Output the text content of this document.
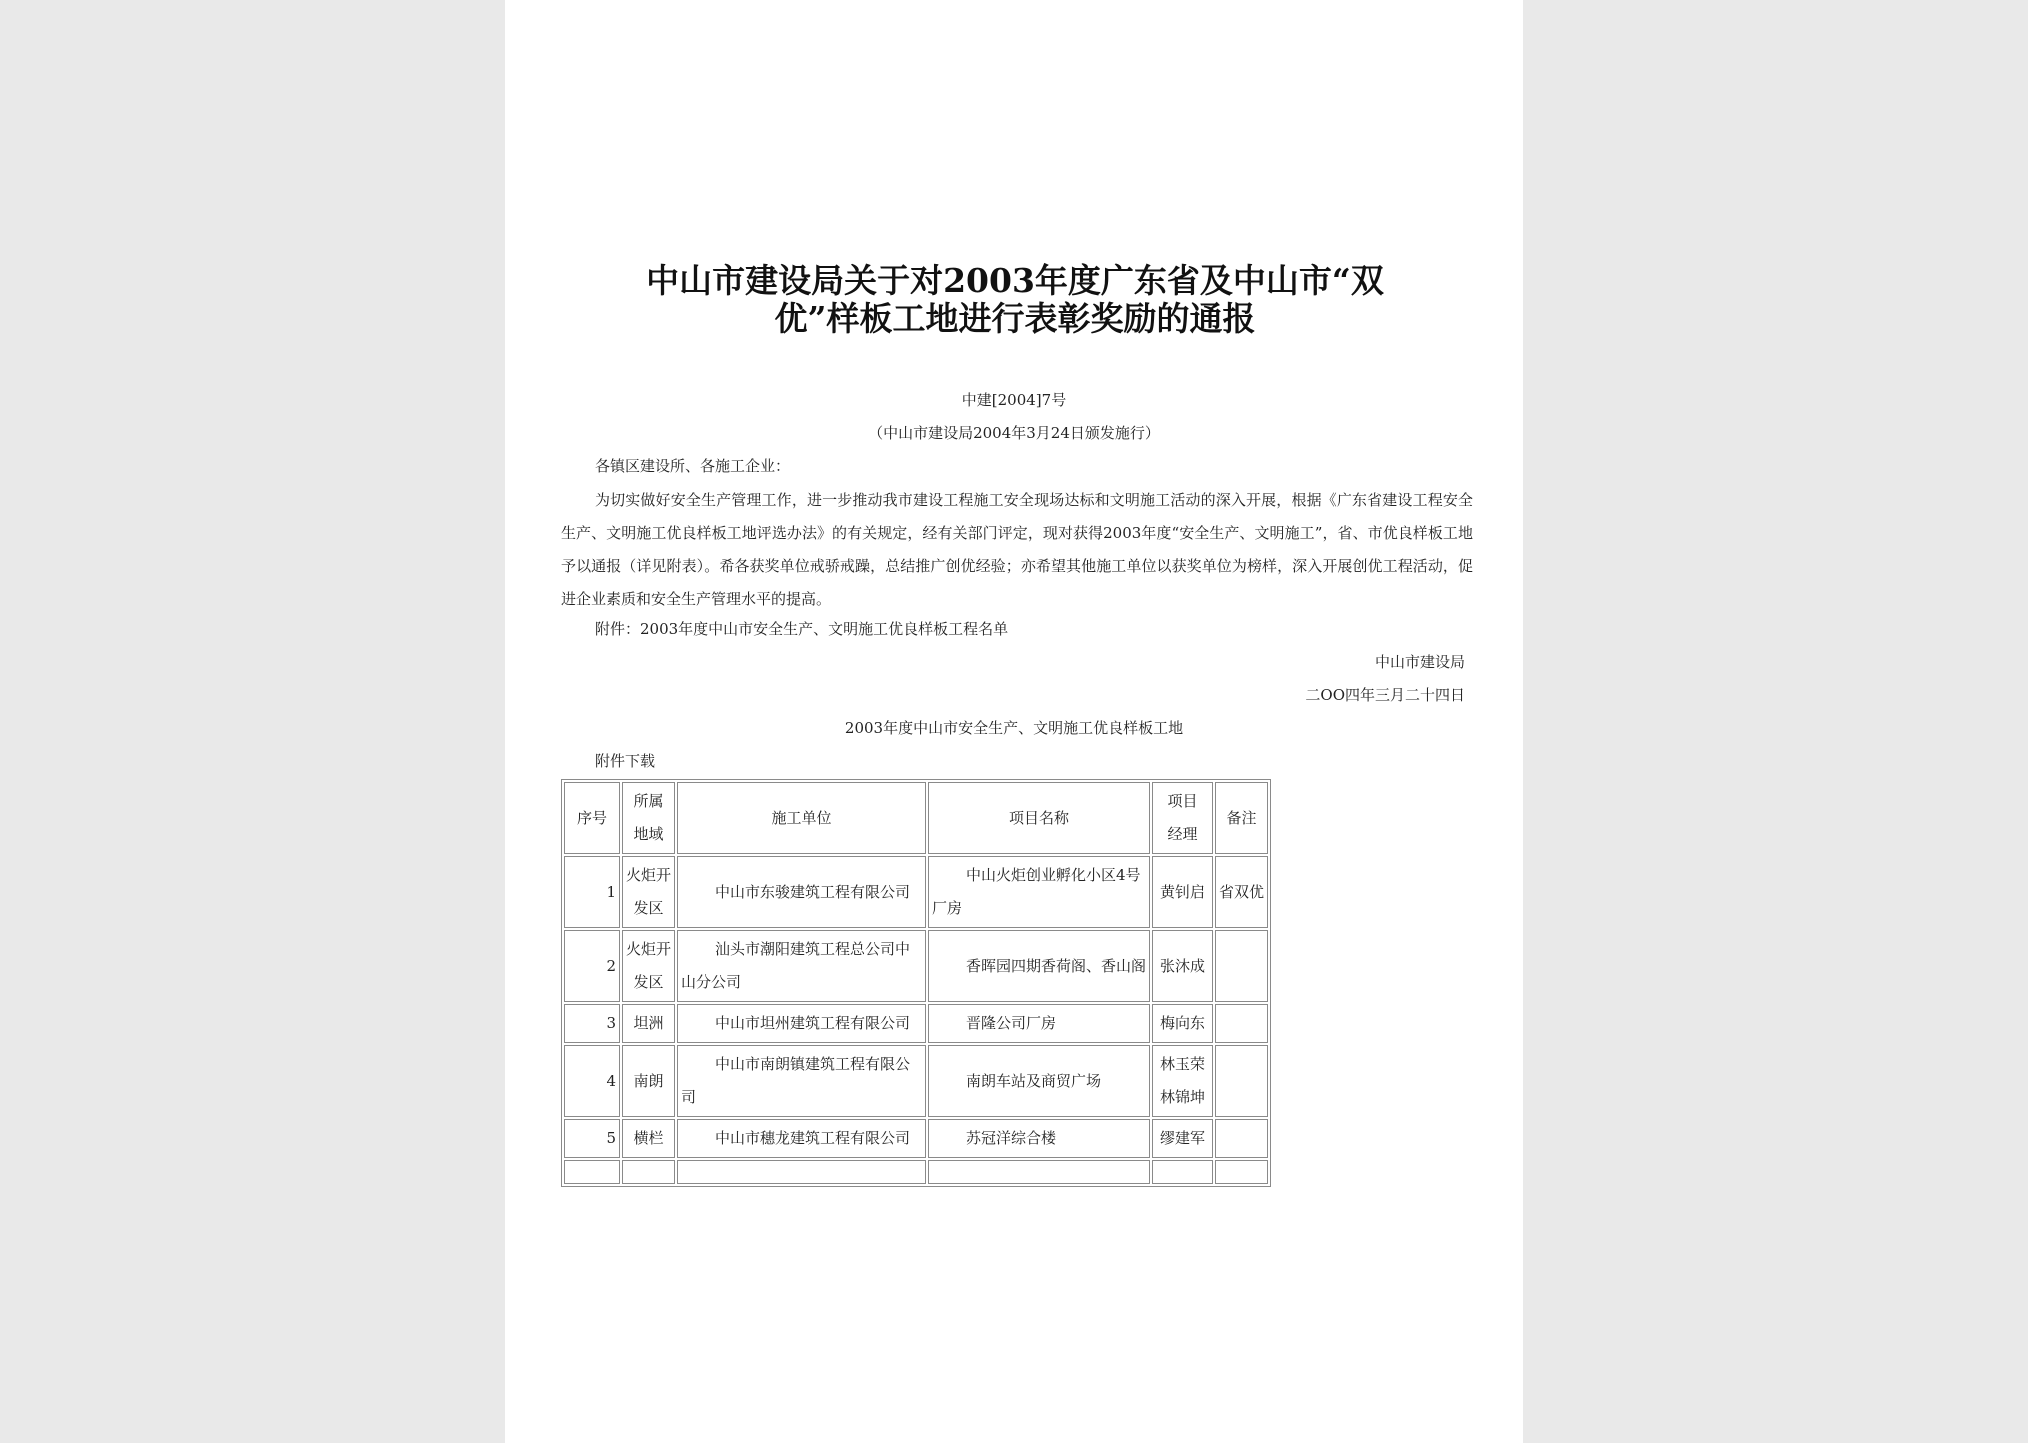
中山市建设局关于对2003年度广东省及中山市“双
优”样板工地进行表彰奖励的通报
中建[2004]7号
（中山市建设局2004年3月24日颁发施行）
各镇区建设所、各施工企业：
为切实做好安全生产管理工作，进一步推动我市建设工程施工安全现场达标和文明施工活动的深入开展，根据《广东省建设工程安全生产、文明施工优良样板工地评选办法》的有关规定，经有关部门评定，现对获得2003年度“安全生产、文明施工”，省、市优良样板工地予以通报（详见附表）。希各获奖单位戒骄戒躁，总结推广创优经验；亦希望其他施工单位以获奖单位为榜样，深入开展创优工程活动，促进企业素质和安全生产管理水平的提高。
附件：2003年度中山市安全生产、文明施工优良样板工程名单
中山市建设局
二OO四年三月二十四日
2003年度中山市安全生产、文明施工优良样板工地
附件下载
序号	所属地域	施工单位	项目名称	项目经理	备注

1	火炬开发区	中山市东骏建筑工程有限公司	中山火炬创业孵化小区4号厂房	黄钊启	省双优

2	火炬开发区	汕头市潮阳建筑工程总公司中山分公司	香晖园四期香荷阁、香山阁	张沐成	

3	坦洲	中山市坦州建筑工程有限公司	晋隆公司厂房	梅向东	

4	南朗	中山市南朗镇建筑工程有限公司	南朗车站及商贸广场	林玉荣 林锦坤	

5	横栏	中山市穗龙建筑工程有限公司	苏冠洋综合楼	缪建军	
